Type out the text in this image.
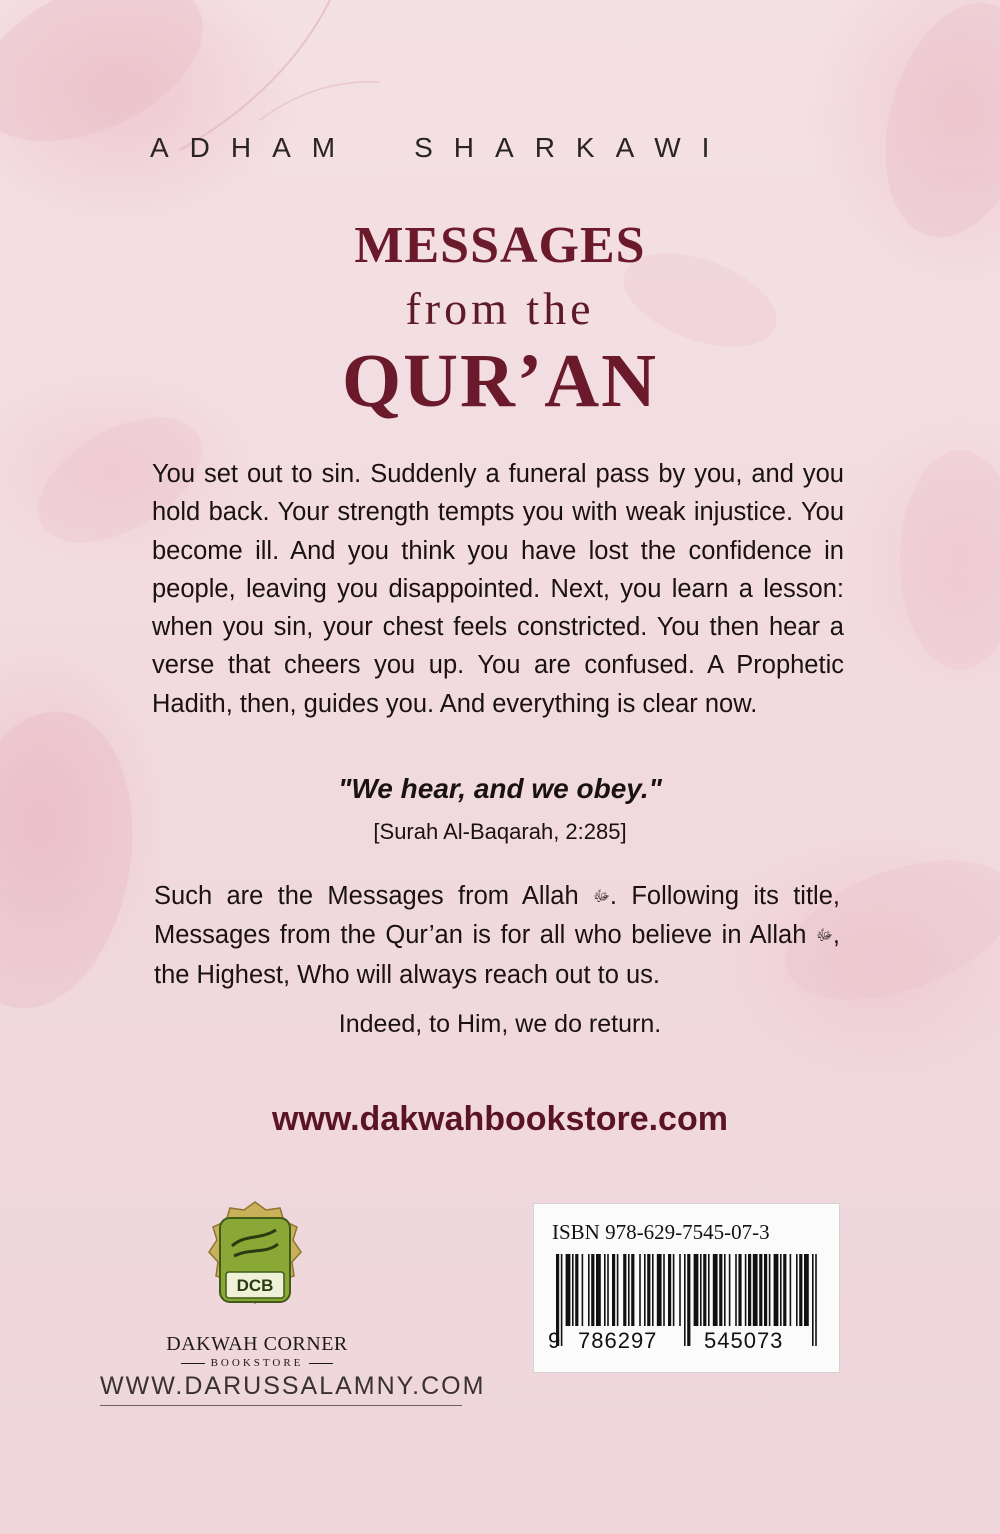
ADHAM SHARKAWI
MESSAGES
from the
QUR’AN

You set out to sin. Suddenly a funeral pass by you, and you hold back. Your strength tempts you with weak injustice. You become ill. And you think you have lost the confidence in people, leaving you disappointed. Next, you learn a lesson: when you sin, your chest feels constricted. You then hear a verse that cheers you up. You are confused. A Prophetic Hadith, then, guides you. And everything is clear now.

"We hear, and we obey."
[Surah Al-Baqarah, 2:285]

Such are the Messages from Allah ﷻ. Following its title, Messages from the Qur’an is for all who believe in Allah ﷻ, the Highest, Who will always reach out to us.

Indeed, to Him, we do return.
www.dakwahbookstore.com
DCB
DAKWAH CORNER
BOOKSTORE
WWW.DARUSSALAMNY.COM
ISBN 978-629-7545-07-3
9 786297 545073
